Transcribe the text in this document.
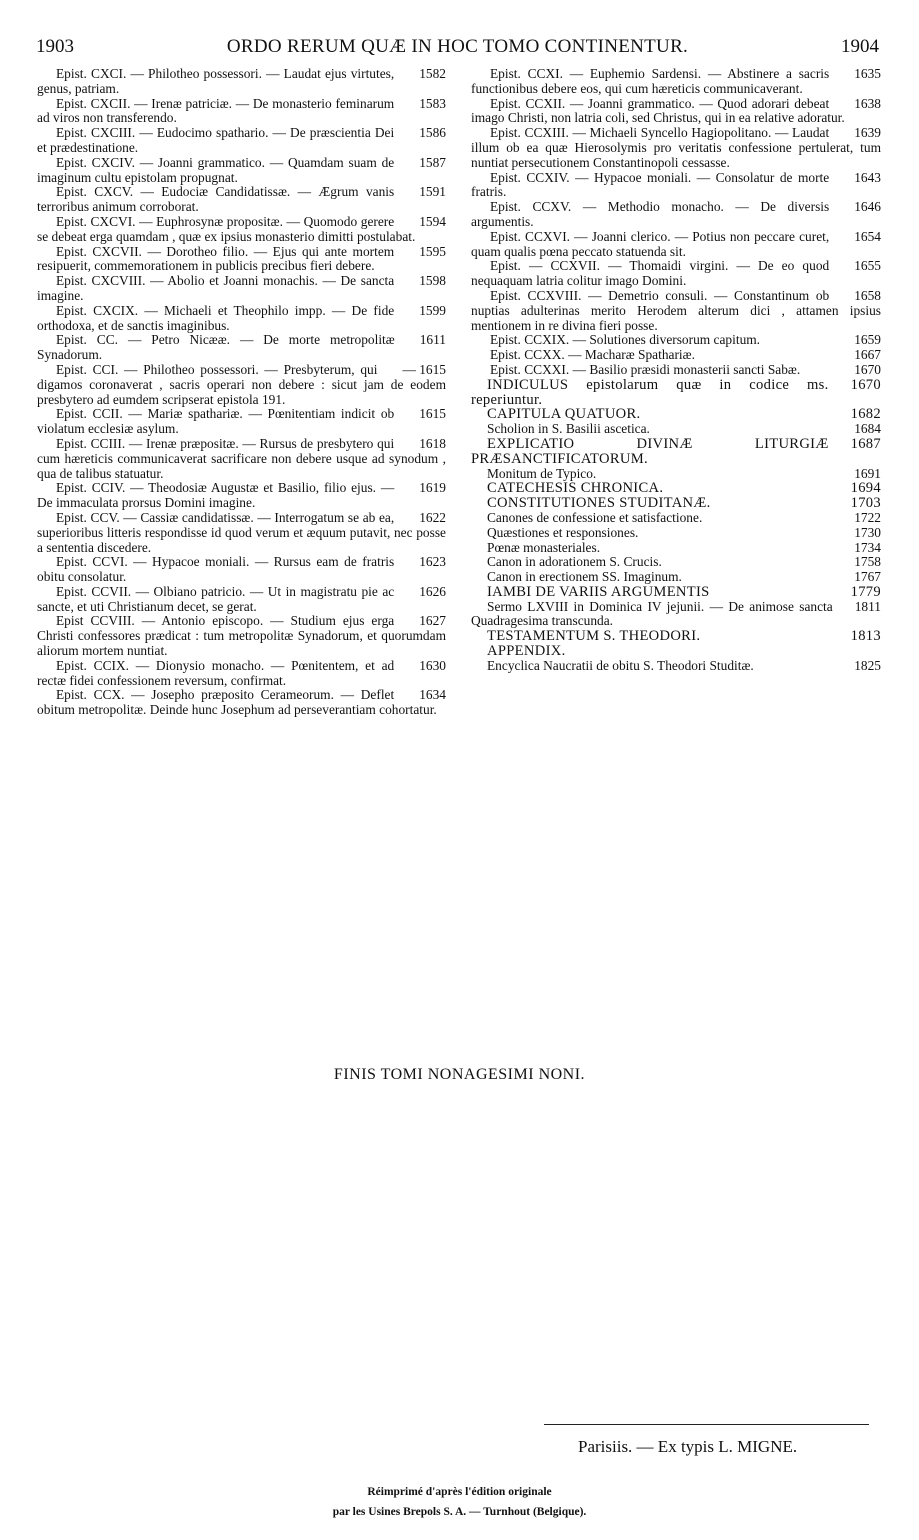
1903	ORDO RERUM QUÆ IN HOC TOMO CONTINENTUR.	1904

1582
Epist. CXCI. — Philotheo possessori. — Laudat ejus virtutes, genus, patriam.

1583
Epist. CXCII. — Irenæ patriciæ. — De monasterio feminarum ad viros non transferendo.

1586
Epist. CXCIII. — Eudocimo spathario. — De præscientia Dei et prædestinatione.

1587
Epist. CXCIV. — Joanni grammatico. — Quamdam suam de imaginum cultu epistolam propugnat.

1591
Epist. CXCV. — Eudociæ Candidatissæ. — Ægrum vanis terroribus animum corroborat.

1594
Epist. CXCVI. — Euphrosynæ propositæ. — Quomodo gerere se debeat erga quamdam , quæ ex ipsius monasterio dimitti postulabat.

1595
Epist. CXCVII. — Dorotheo filio. — Ejus qui ante mortem resipuerit, commemorationem in publicis precibus fieri debere.

1598
Epist. CXCVIII. — Abolio et Joanni monachis. — De sancta imagine.

1599
Epist. CXCIX. — Michaeli et Theophilo impp. — De fide orthodoxa, et de sanctis imaginibus.

1611
Epist. CC. — Petro Nicææ. — De morte metropolitæ Synadorum.

— 1615
Epist. CCI. — Philotheo possessori. — Presbyterum, qui digamos coronaverat , sacris operari non debere : sicut jam de eodem presbytero ad eumdem scripserat epistola 191.

1615
Epist. CCII. — Mariæ spathariæ. — Pœnitentiam indicit ob violatum ecclesiæ asylum.

1618
Epist. CCIII. — Irenæ præpositæ. — Rursus de presbytero qui cum hæreticis communicaverat sacrificare non debere usque ad synodum , qua de talibus statuatur.

1619
Epist. CCIV. — Theodosiæ Augustæ et Basilio, filio ejus. — De immaculata prorsus Domini imagine.

1622
Epist. CCV. — Cassiæ candidatissæ. — Interrogatum se ab ea, superioribus litteris respondisse id quod verum et æquum putavit, nec posse a sententia discedere.

1623
Epist. CCVI. — Hypacoe moniali. — Rursus eam de fratris obitu consolatur.

1626
Epist. CCVII. — Olbiano patricio. — Ut in magistratu pie ac sancte, et uti Christianum decet, se gerat.

1627
Epist CCVIII. — Antonio episcopo. — Studium ejus erga Christi confessores prædicat : tum metropolitæ Synadorum, et quorumdam aliorum mortem nuntiat.

1630
Epist. CCIX. — Dionysio monacho. — Pœnitentem, et ad rectæ fidei confessionem reversum, confirmat.

1634
Epist. CCX. — Josepho præposito Cerameorum. — Deflet obitum metropolitæ. Deinde hunc Josephum ad perseverantiam cohortatur.

1635
Epist. CCXI. — Euphemio Sardensi. — Abstinere a sacris functionibus debere eos, qui cum hæreticis communicaverant.

1638
Epist. CCXII. — Joanni grammatico. — Quod adorari debeat imago Christi, non latria coli, sed Christus, qui in ea relative adoratur.

1639
Epist. CCXIII. — Michaeli Syncello Hagiopolitano. — Laudat illum ob ea quæ Hierosolymis pro veritatis confessione pertulerat, tum nuntiat persecutionem Constantinopoli cessasse.

1643
Epist. CCXIV. — Hypacoe moniali. — Consolatur de morte fratris.

1646
Epist. CCXV. — Methodio monacho. — De diversis argumentis.

1654
Epist. CCXVI. — Joanni clerico. — Potius non peccare curet, quam qualis pœna peccato statuenda sit.

1655
Epist. — CCXVII. — Thomaidi virgini. — De eo quod nequaquam latria colitur imago Domini.

1658
Epist. CCXVIII. — Demetrio consuli. — Constantinum ob nuptias adulterinas merito Herodem alterum dici , attamen ipsius mentionem in re divina fieri posse.

1659
Epist. CCXIX. — Solutiones diversorum capitum.

1667
Epist. CCXX. — Macharæ Spathariæ.

1670
Epist. CCXXI. — Basilio præsidi monasterii sancti Sabæ.

1670
INDICULUS epistolarum quæ in codice ms. reperiuntur.

1682
CAPITULA QUATUOR.

1684
Scholion in S. Basilii ascetica.

1687
EXPLICATIO DIVINÆ LITURGIÆ PRÆSANCTIFICATORUM.

1691
Monitum de Typico.

1694
CATECHESIS CHRONICA.

1703
CONSTITUTIONES STUDITANÆ.

1722
Canones de confessione et satisfactione.

1730
Quæstiones et responsiones.

1734
Pœnæ monasteriales.

1758
Canon in adorationem S. Crucis.

1767
Canon in erectionem SS. Imaginum.

1779
IAMBI DE VARIIS ARGUMENTIS

1811
Sermo LXVIII in Dominica IV jejunii. — De animose sancta Quadragesima transcunda.

1813
TESTAMENTUM S. THEODORI.

APPENDIX.

1825
Encyclica Naucratii de obitu S. Theodori Studitæ.

FINIS TOMI NONAGESIMI NONI.
Parisiis. — Ex typis L. MIGNE.
Réimprimé d'après l'édition originale
par les Usines Brepols S. A. — Turnhout (Belgique).
